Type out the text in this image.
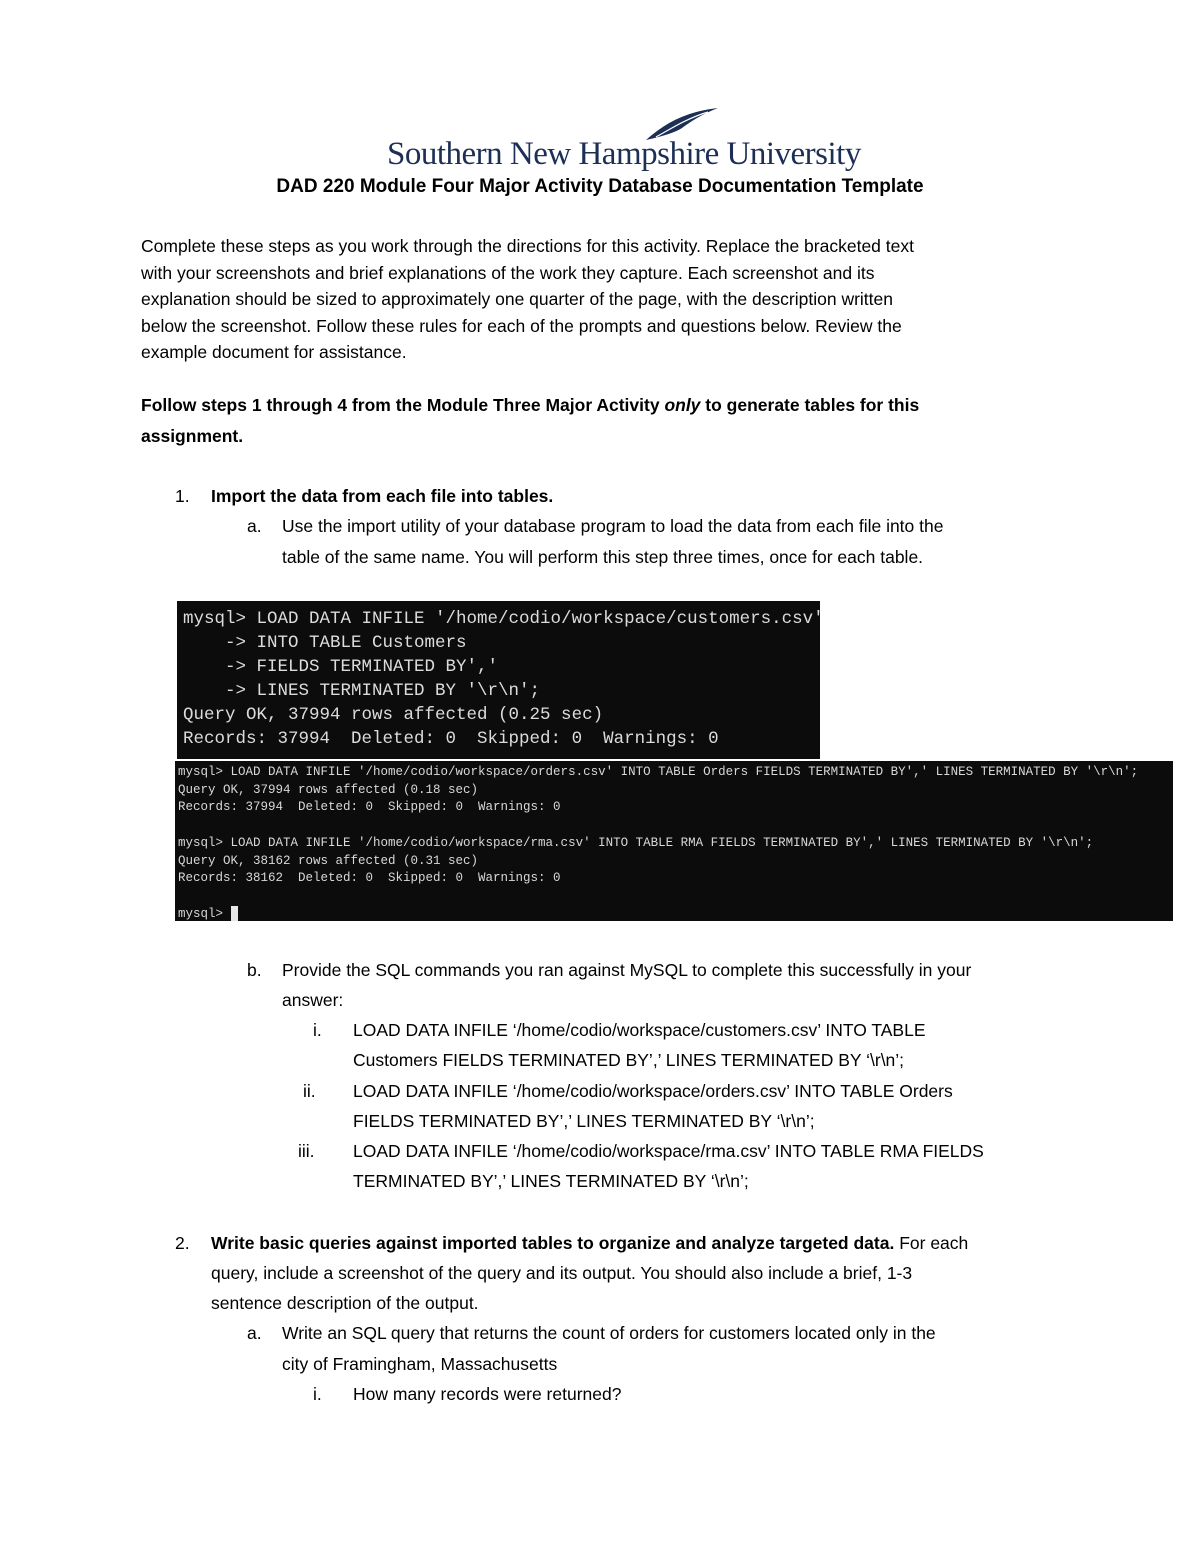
Southern New Hampshire University
DAD 220 Module Four Major Activity Database Documentation Template

Complete these steps as you work through the directions for this activity. Replace the bracketed text

with your screenshots and brief explanations of the work they capture. Each screenshot and its

explanation should be sized to approximately one quarter of the page, with the description written

below the screenshot. Follow these rules for each of the prompts and questions below. Review the

example document for assistance.

Follow steps 1 through 4 from the Module Three Major Activity only to generate tables for this

assignment.

1. Import the data from each file into tables.
a. Use the import utility of your database program to load the data from each file into the
table of the same name. You will perform this step three times, once for each table.
mysql> LOAD DATA INFILE '/home/codio/workspace/customers.csv'
-> INTO TABLE Customers
-> FIELDS TERMINATED BY','
-> LINES TERMINATED BY '\r\n';
Query OK, 37994 rows affected (0.25 sec)
Records: 37994  Deleted: 0  Skipped: 0  Warnings: 0
mysql> LOAD DATA INFILE '/home/codio/workspace/orders.csv' INTO TABLE Orders FIELDS TERMINATED BY',' LINES TERMINATED BY '\r\n';
Query OK, 37994 rows affected (0.18 sec)
Records: 37994  Deleted: 0  Skipped: 0  Warnings: 0

mysql> LOAD DATA INFILE '/home/codio/workspace/rma.csv' INTO TABLE RMA FIELDS TERMINATED BY',' LINES TERMINATED BY '\r\n';
Query OK, 38162 rows affected (0.31 sec)
Records: 38162  Deleted: 0  Skipped: 0  Warnings: 0

mysql>
b. Provide the SQL commands you ran against MySQL to complete this successfully in your
answer:
i. LOAD DATA INFILE ‘/home/codio/workspace/customers.csv’ INTO TABLE
Customers FIELDS TERMINATED BY’,’ LINES TERMINATED BY ‘\r\n’;
ii. LOAD DATA INFILE ‘/home/codio/workspace/orders.csv’ INTO TABLE Orders
FIELDS TERMINATED BY’,’ LINES TERMINATED BY ‘\r\n’;
iii. LOAD DATA INFILE ‘/home/codio/workspace/rma.csv’ INTO TABLE RMA FIELDS
TERMINATED BY’,’ LINES TERMINATED BY ‘\r\n’;
2. Write basic queries against imported tables to organize and analyze targeted data. For each
query, include a screenshot of the query and its output. You should also include a brief, 1-3
sentence description of the output.
a. Write an SQL query that returns the count of orders for customers located only in the
city of Framingham, Massachusetts
i. How many records were returned?
